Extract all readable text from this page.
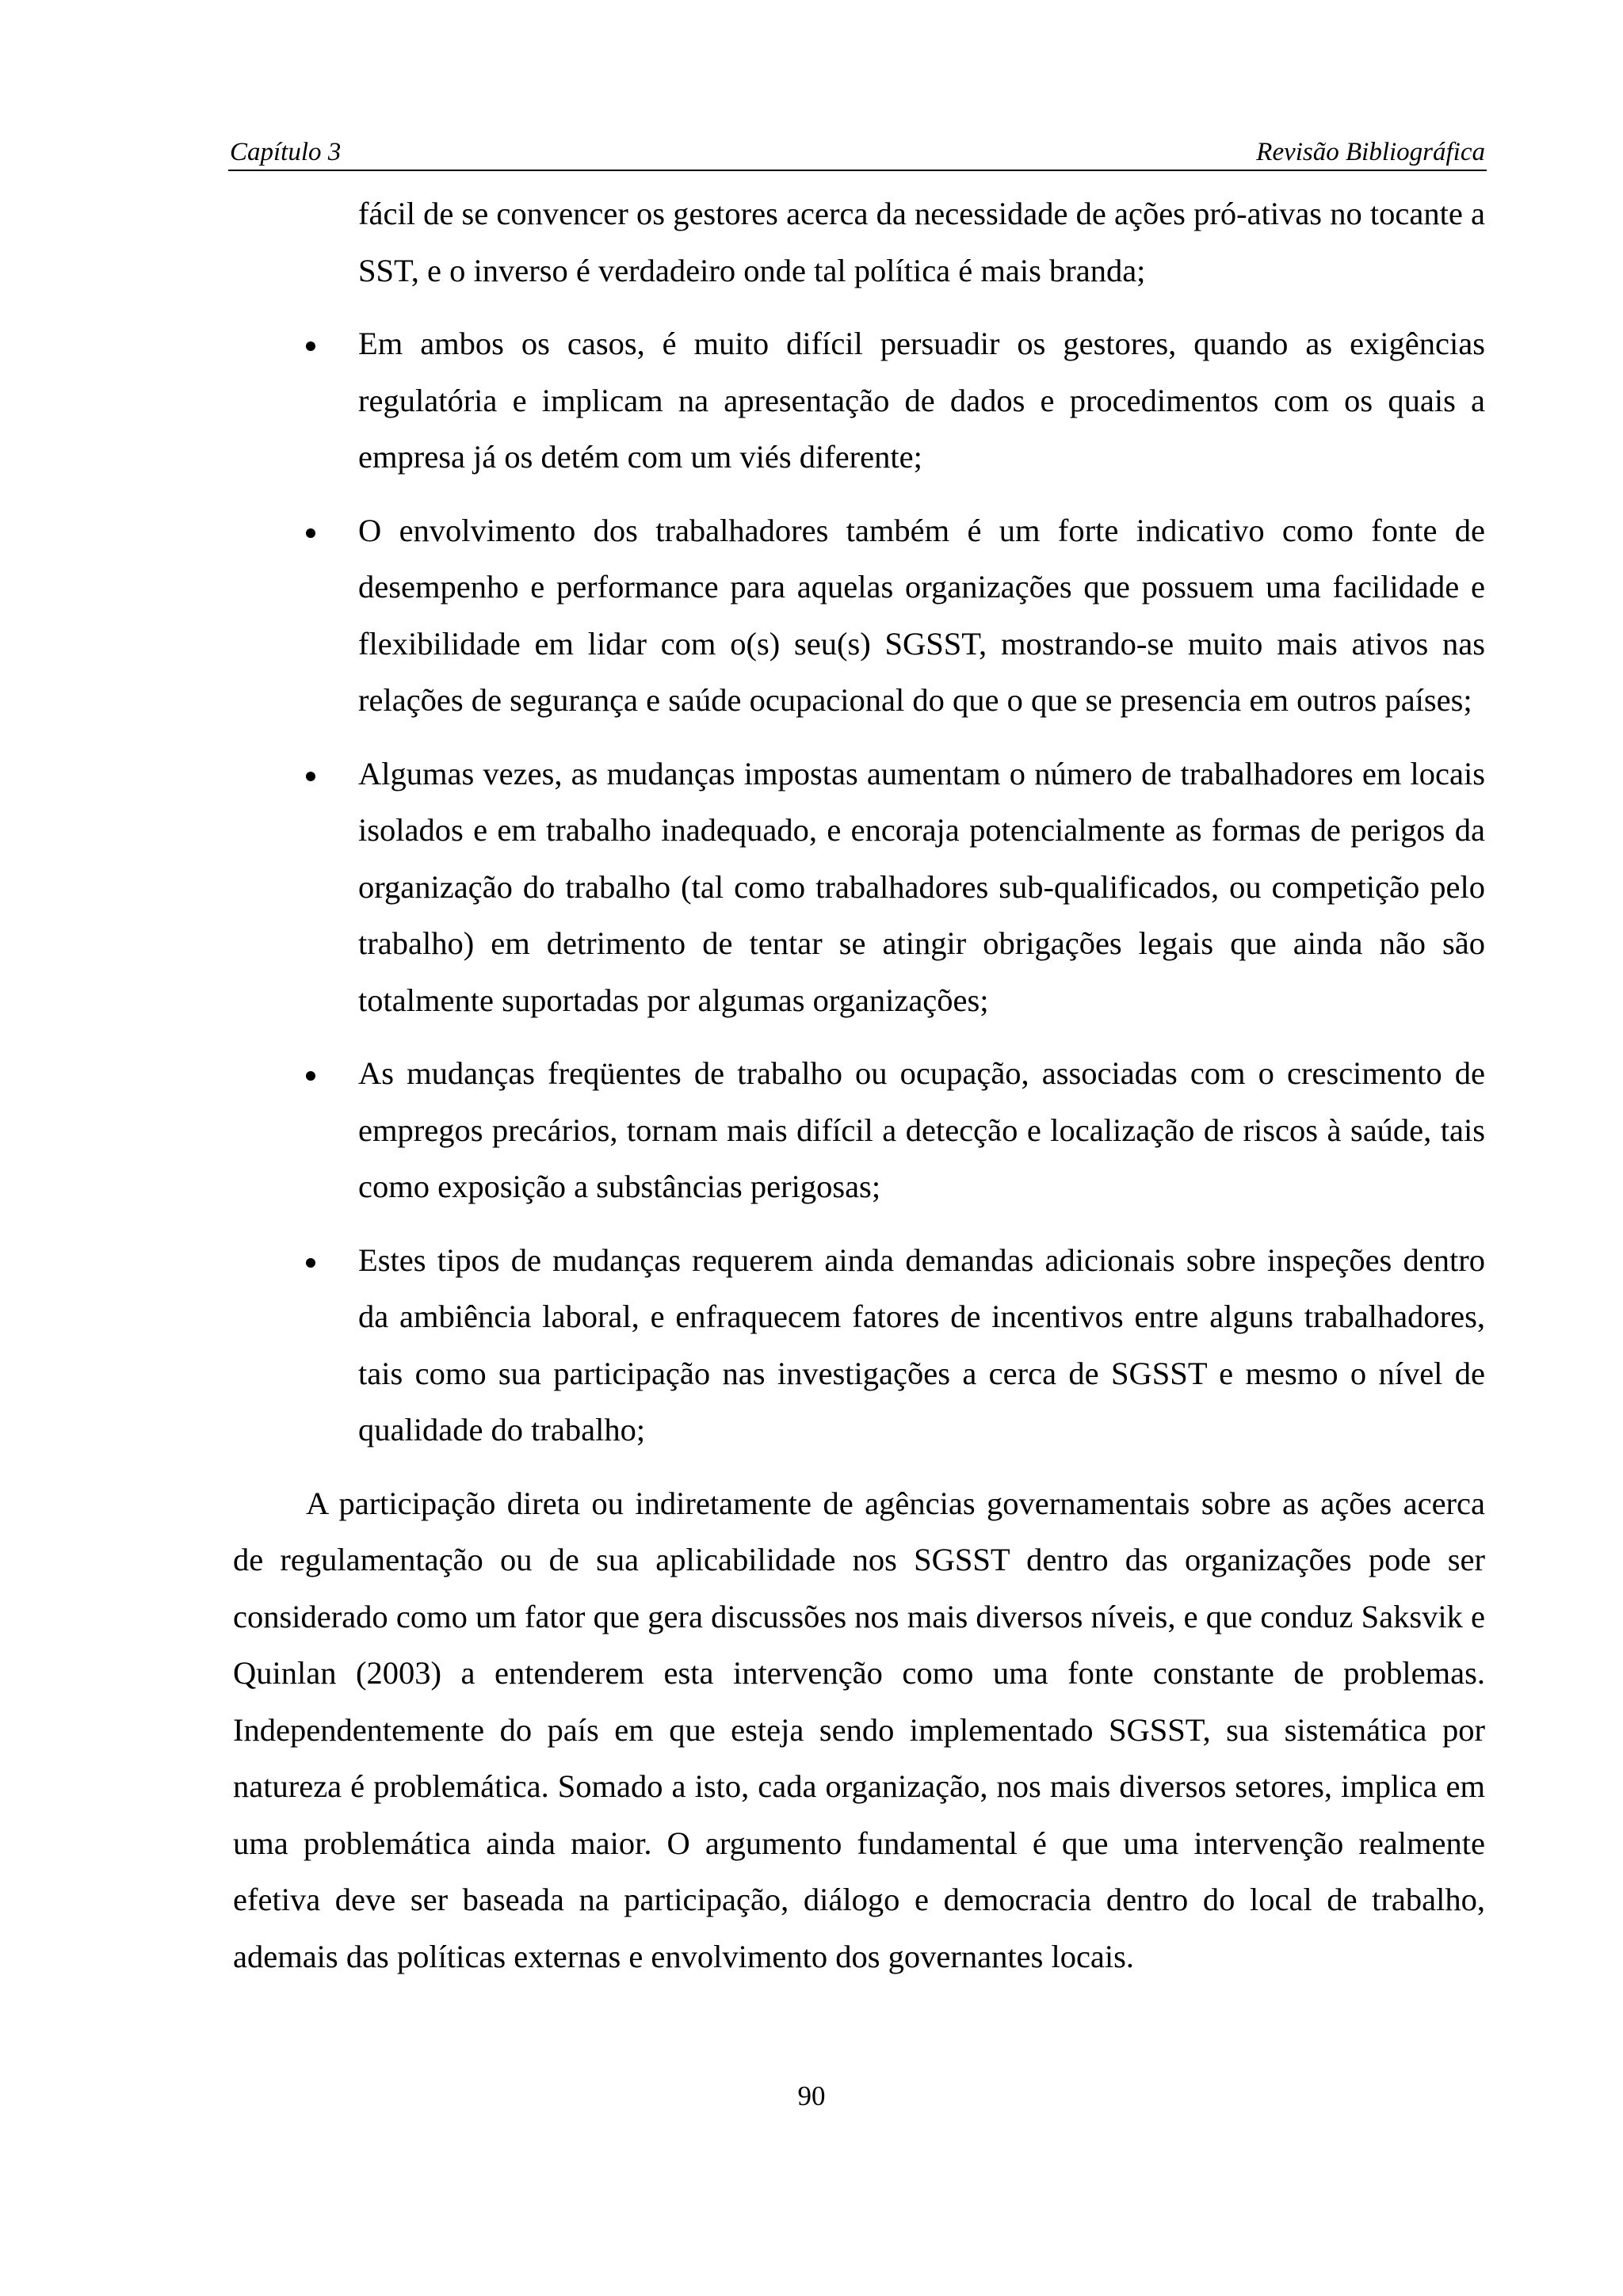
Capítulo 3	Revisão Bibliográfica
fácil de se convencer os gestores acerca da necessidade de ações pró-ativas no tocante a SST, e o inverso é verdadeiro onde tal política é mais branda;
Em ambos os casos, é muito difícil persuadir os gestores, quando as exigências regulatória e implicam na apresentação de dados e procedimentos com os quais a empresa já os detém com um viés diferente;
O envolvimento dos trabalhadores também é um forte indicativo como fonte de desempenho e performance para aquelas organizações que possuem uma facilidade e flexibilidade em lidar com o(s) seu(s) SGSST, mostrando-se muito mais ativos nas relações de segurança e saúde ocupacional do que o que se presencia em outros países;
Algumas vezes, as mudanças impostas aumentam o número de trabalhadores em locais isolados e em trabalho inadequado, e encoraja potencialmente as formas de perigos da organização do trabalho (tal como trabalhadores sub-qualificados, ou competição pelo trabalho) em detrimento de tentar se atingir obrigações legais que ainda não são totalmente suportadas por algumas organizações;
As mudanças freqüentes de trabalho ou ocupação, associadas com o crescimento de empregos precários, tornam mais difícil a detecção e localização de riscos à saúde, tais como exposição a substâncias perigosas;
Estes tipos de mudanças requerem ainda demandas adicionais sobre inspeções dentro da ambiência laboral, e enfraquecem fatores de incentivos entre alguns trabalhadores, tais como sua participação nas investigações a cerca de SGSST e mesmo o nível de qualidade do trabalho;

A participação direta ou indiretamente de agências governamentais sobre as ações acerca de regulamentação ou de sua aplicabilidade nos SGSST dentro das organizações pode ser considerado como um fator que gera discussões nos mais diversos níveis, e que conduz Saksvik e Quinlan (2003) a entenderem esta intervenção como uma fonte constante de problemas. Independentemente do país em que esteja sendo implementado SGSST, sua sistemática por natureza é problemática. Somado a isto, cada organização, nos mais diversos setores, implica em uma problemática ainda maior. O argumento fundamental é que uma intervenção realmente efetiva deve ser baseada na participação, diálogo e democracia dentro do local de trabalho, ademais das políticas externas e envolvimento dos governantes locais.

90
